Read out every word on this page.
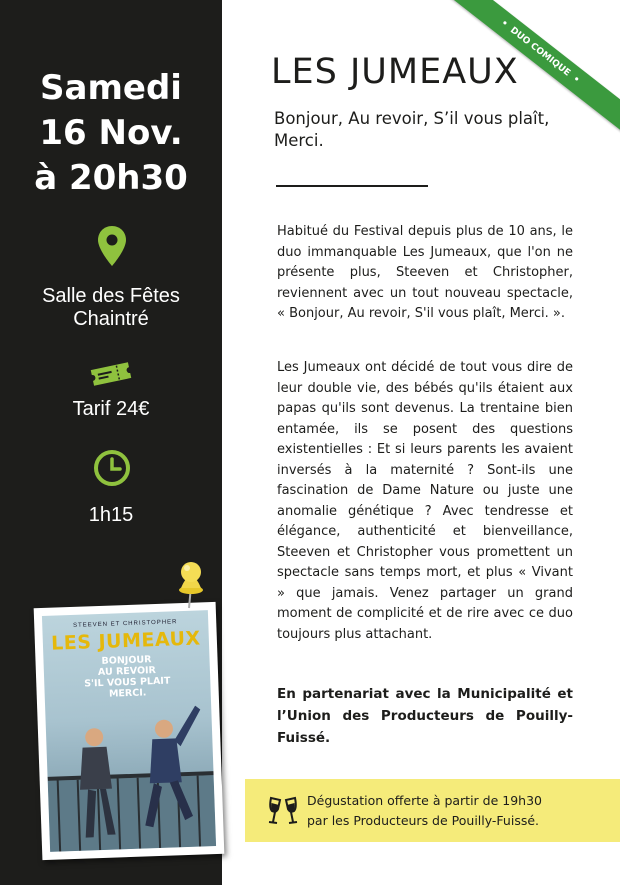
Samedi
16 Nov.
à 20h30
Salle des Fêtes
Chaintré
Tarif 24€
1h15
STEEVEN ET CHRISTOPHER
LES JUMEAUX
BONJOUR
AU REVOIR
S'IL VOUS PLAIT
MERCI.
•DUO COMIQUE•
LES JUMEAUX
Bonjour, Au revoir, S’il vous plaît, Merci.

Habitué du Festival depuis plus de 10 ans, le duo immanquable Les Jumeaux, que l'on ne présente plus, Steeven et Christopher, reviennent avec un tout nouveau spectacle, « Bonjour, Au revoir, S'il vous plaît, Merci. ».

Les Jumeaux ont décidé de tout vous dire de leur double vie, des bébés qu'ils étaient aux papas qu'ils sont devenus. La trentaine bien entamée, ils se posent des questions existentielles : Et si leurs parents les avaient inversés à la maternité ? Sont-ils une fascination de Dame Nature ou juste une anomalie génétique ? Avec tendresse et élégance, authenticité et bienveillance, Steeven et Christopher vous promettent un spectacle sans temps mort, et plus « Vivant » que jamais. Venez partager un grand moment de complicité et de rire avec ce duo toujours plus attachant.

En partenariat avec la Municipalité et l’Union des Producteurs de Pouilly-Fuissé.

Dégustation offerte à partir de 19h30
par les Producteurs de Pouilly-Fuissé.
